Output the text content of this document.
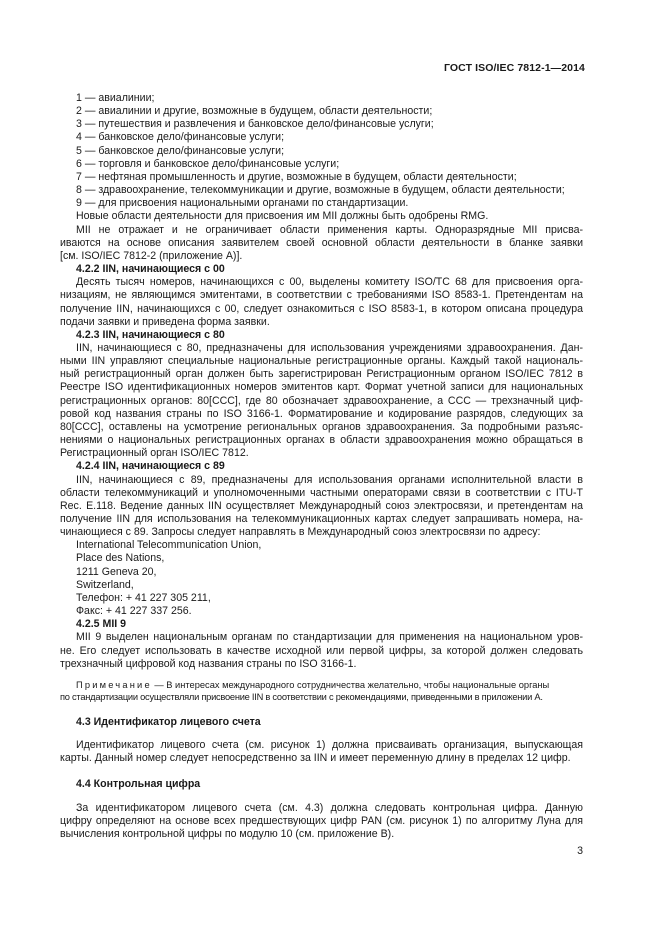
ГОСТ ISO/IEC 7812-1—2014
1 — авиалинии;
2 — авиалинии и другие, возможные в будущем, области деятельности;
3 — путешествия и развлечения и банковское дело/финансовые услуги;
4 — банковское дело/финансовые услуги;
5 — банковское дело/финансовые услуги;
6 — торговля и банковское дело/финансовые услуги;
7 — нефтяная промышленность и другие, возможные в будущем, области деятельности;
8 — здравоохранение, телекоммуникации и другие, возможные в будущем, области деятельности;
9 — для присвоения национальными органами по стандартизации.
Новые области деятельности для присвоения им MII должны быть одобрены RMG.
MII не отражает и не ограничивает области применения карты. Одноразрядные MII присва-
иваются на основе описания заявителем своей основной области деятельности в бланке заявки
[см. ISO/IEC 7812-2 (приложение А)].
4.2.2 IIN, начинающиеся с 00
Десять тысяч номеров, начинающихся с 00, выделены комитету ISO/TC 68 для присвоения орга-
низациям, не являющимся эмитентами, в соответствии с требованиями ISO 8583-1. Претендентам на
получение IIN, начинающихся с 00, следует ознакомиться с ISO 8583-1, в котором описана процедура
подачи заявки и приведена форма заявки.
4.2.3 IIN, начинающиеся с 80
IIN, начинающиеся с 80, предназначены для использования учреждениями здравоохранения. Дан-
ными IIN управляют специальные национальные регистрационные органы. Каждый такой националь-
ный регистрационный орган должен быть зарегистрирован Регистрационным органом ISO/IEC 7812 в
Реестре ISO идентификационных номеров эмитентов карт. Формат учетной записи для национальных
регистрационных органов: 80[CCC], где 80 обозначает здравоохранение, а CCC — трехзначный циф-
ровой код названия страны по ISO 3166-1. Форматирование и кодирование разрядов, следующих за
80[CCC], оставлены на усмотрение региональных органов здравоохранения. За подробными разъяс-
нениями о национальных регистрационных органах в области здравоохранения можно обращаться в
Регистрационный орган ISO/IEC 7812.
4.2.4 IIN, начинающиеся с 89
IIN, начинающиеся с 89, предназначены для использования органами исполнительной власти в
области телекоммуникаций и уполномоченными частными операторами связи в соответствии с ITU-T
Rec. E.118. Ведение данных IIN осуществляет Международный союз электросвязи, и претендентам на
получение IIN для использования на телекоммуникационных картах следует запрашивать номера, на-
чинающиеся с 89. Запросы следует направлять в Международный союз электросвязи по адресу:
International Telecommunication Union,
Place des Nations,
1211 Geneva 20,
Switzerland,
Телефон: + 41 227 305 211,
Факс: + 41 227 337 256.
4.2.5 MII 9
MII 9 выделен национальным органам по стандартизации для применения на национальном уров-
не. Его следует использовать в качестве исходной или первой цифры, за которой должен следовать
трехзначный цифровой код названия страны по ISO 3166-1.
Примечание — В интересах международного сотрудничества желательно, чтобы национальные органы
по стандартизации осуществляли присвоение IIN в соответствии с рекомендациями, приведенными в приложении А.
4.3 Идентификатор лицевого счета
Идентификатор лицевого счета (см. рисунок 1) должна присваивать организация, выпускающая
карты. Данный номер следует непосредственно за IIN и имеет переменную длину в пределах 12 цифр.
4.4 Контрольная цифра
За идентификатором лицевого счета (см. 4.3) должна следовать контрольная цифра. Данную
цифру определяют на основе всех предшествующих цифр PAN (см. рисунок 1) по алгоритму Луна для
вычисления контрольной цифры по модулю 10 (см. приложение В).
3
